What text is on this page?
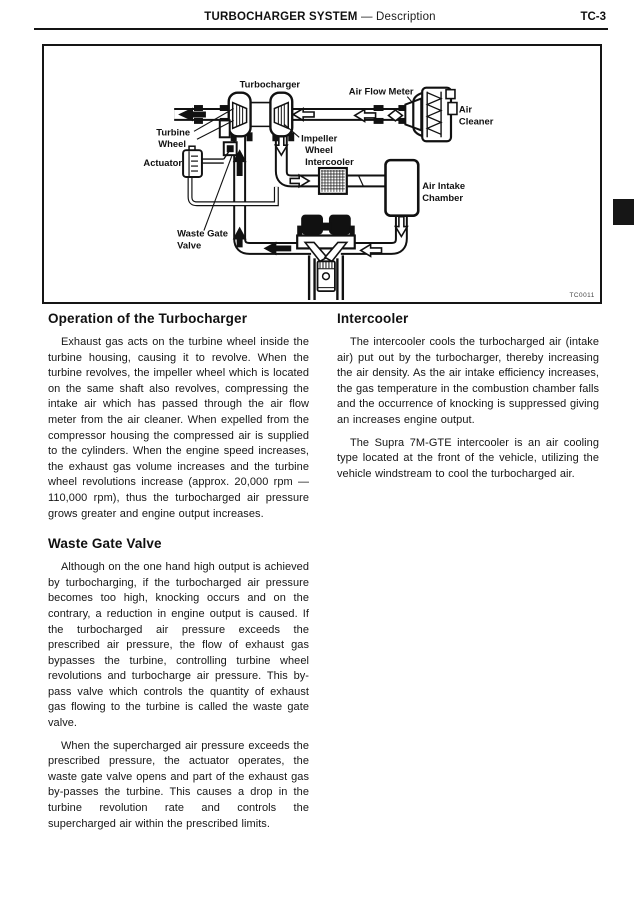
TURBOCHARGER SYSTEM — Description	TC-3
Turbocharger
Air Flow Meter
Air
Cleaner
Turbine
Wheel
Impeller
Wheel
Actuator	Intercooler
Air Intake
Chamber
Waste Gate
Valve
TC0011
Operation of the Turbocharger

Exhaust gas acts on the turbine wheel inside the turbine housing, causing it to revolve. When the turbine revolves, the impeller wheel which is located on the same shaft also revolves, compressing the intake air which has passed through the air flow meter from the air cleaner. When expelled from the compressor housing the compressed air is supplied to the cylinders. When the engine speed increases, the exhaust gas volume increases and the turbine wheel revolutions increase (approx. 20,000 rpm — 110,000 rpm), thus the turbocharged air pressure grows greater and engine output increases.

Waste Gate Valve

Although on the one hand high output is achieved by turbocharging, if the turbocharged air pressure becomes too high, knocking occurs and on the contrary, a reduction in engine output is caused. If the turbocharged air pressure exceeds the prescribed air pressure, the flow of exhaust gas bypasses the turbine, controlling turbine wheel revolutions and turbocharge air pressure. This by-pass valve which controls the quantity of exhaust gas flowing to the turbine is called the waste gate valve.

When the supercharged air pressure exceeds the prescribed pressure, the actuator operates, the waste gate valve opens and part of the exhaust gas by-passes the turbine. This causes a drop in the turbine revolution rate and controls the supercharged air within the prescribed limits.

Intercooler

The intercooler cools the turbocharged air (intake air) put out by the turbocharger, thereby increasing the air density. As the air intake efficiency increases, the gas temperature in the combustion chamber falls and the occurrence of knocking is suppressed giving an increases engine output.

The Supra 7M-GTE intercooler is an air cooling type located at the front of the vehicle, utilizing the vehicle windstream to cool the turbocharged air.
